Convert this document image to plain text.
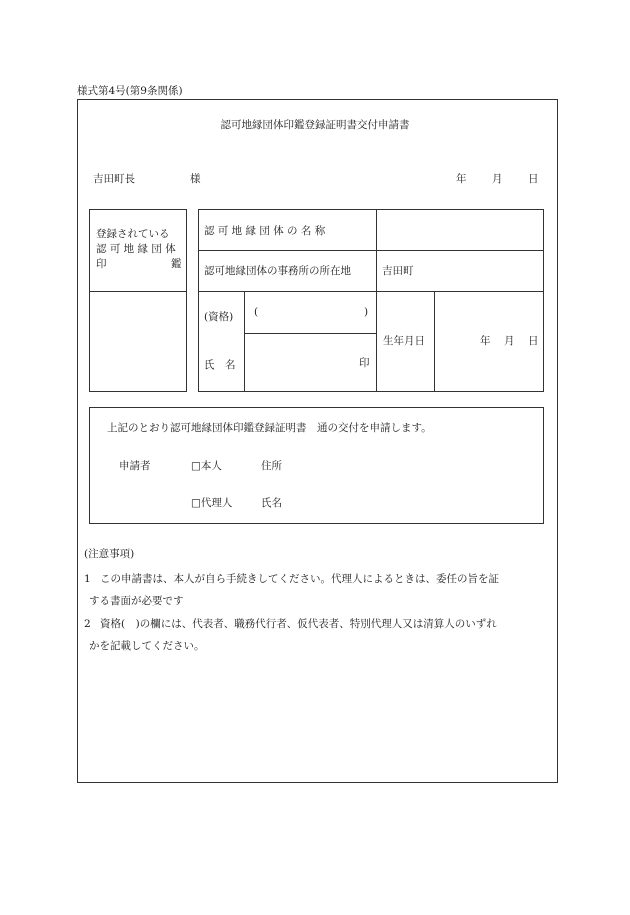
様式第4号(第9条関係)
認可地縁団体印鑑登録証明書交付申請書
吉田町長	様	年 月 日
登録されている
認 可 地 縁 団 体
印	鑑
認 可 地 縁 団 体 の 名 称
認可地縁団体の事務所の所在地	吉田町
(資格) (	)
氏　名	印
生年月日	年 月 日
上記のとおり認可地縁団体印鑑登録証明書　通の交付を申請します。
申請者	□本人	住所
□代理人	氏名
(注意事項)
1 この申請書は、本人が自ら手続きしてください。代理人によるときは、委任の旨を証
する書面が必要です
2 資格(　)の欄には、代表者、職務代行者、仮代表者、特別代理人又は清算人のいずれ
かを記載してください。
